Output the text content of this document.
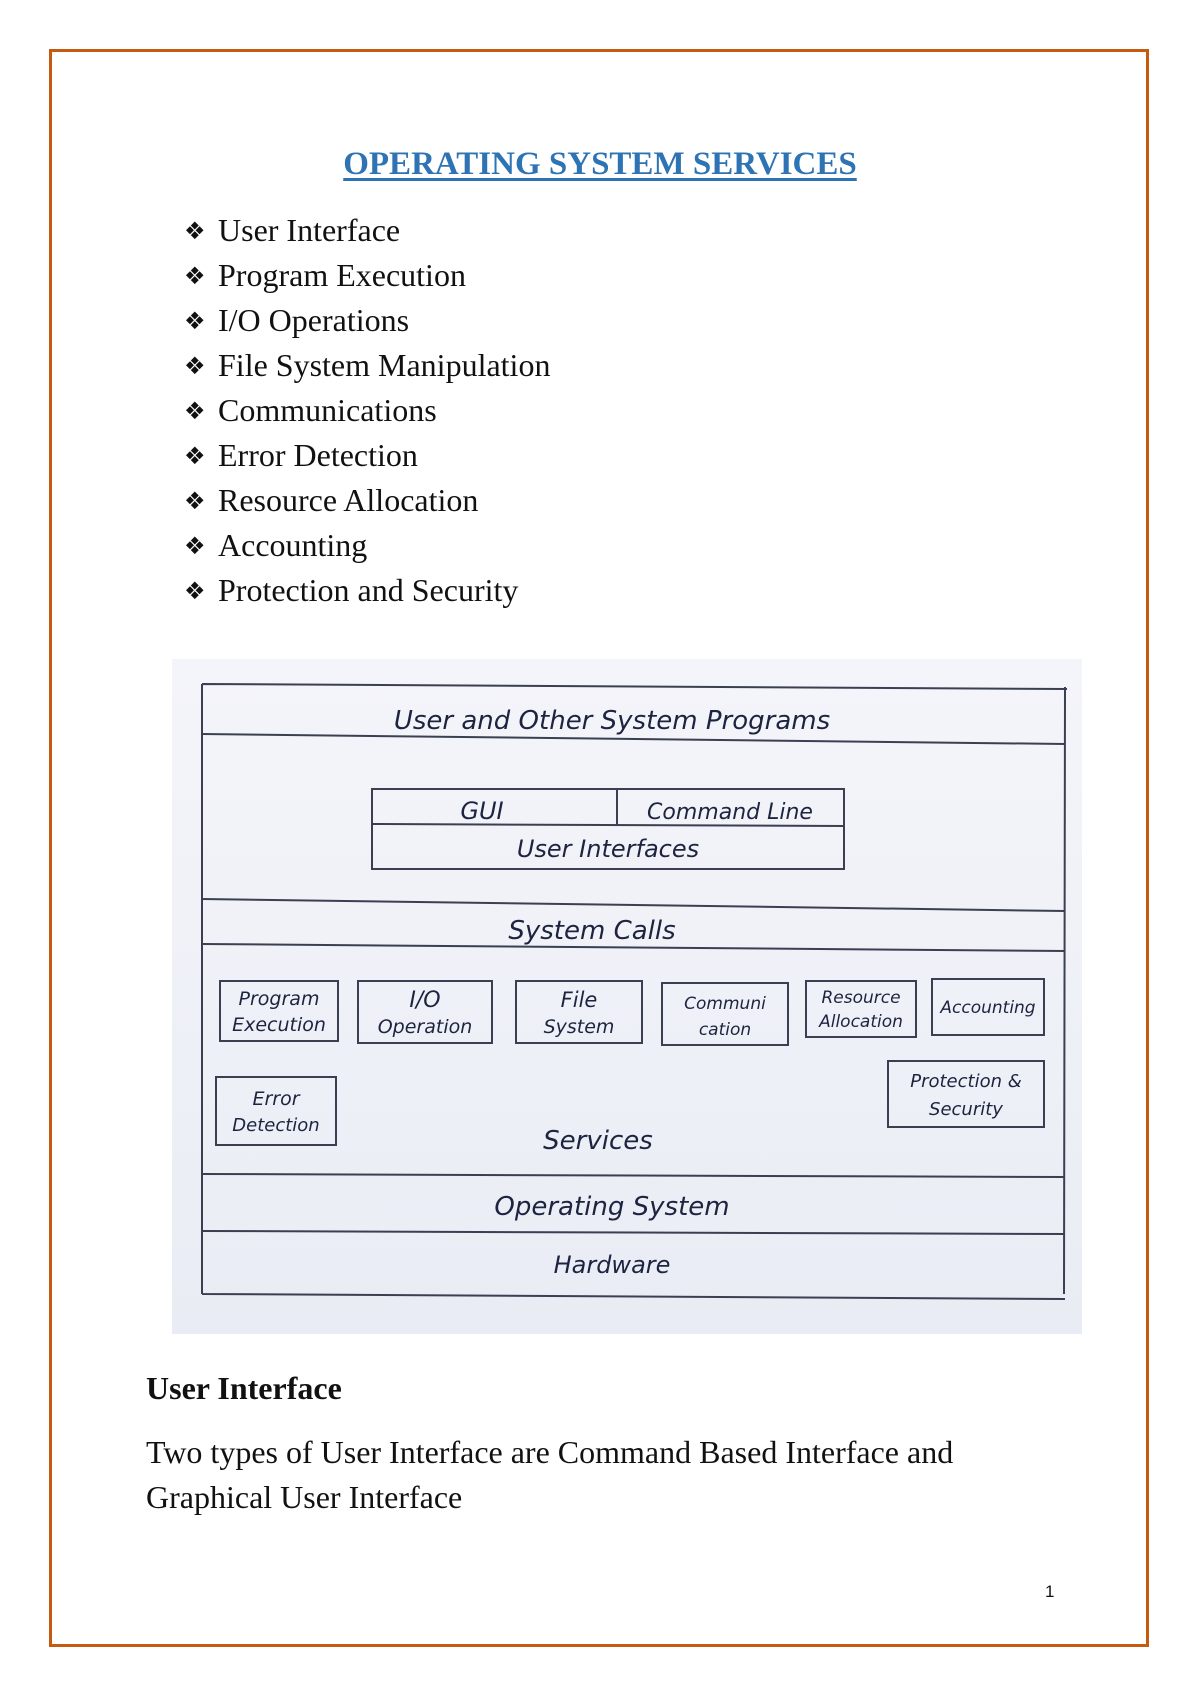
OPERATING SYSTEM SERVICES
❖ User Interface
❖ Program Execution
❖ I/O Operations
❖ File System Manipulation
❖ Communications
❖ Error Detection
❖ Resource Allocation
❖ Accounting
❖ Protection and Security
User and Other System Programs
GUI	Command Line
User Interfaces
System Calls
Program
Execution
I/O
Operation
File
System
Communi
cation
Resource
Allocation
Accounting
Error
Detection
Protection &
Security
Services
Operating System
Hardware
User Interface

Two types of User Interface are Command Based Interface and Graphical User Interface

1
